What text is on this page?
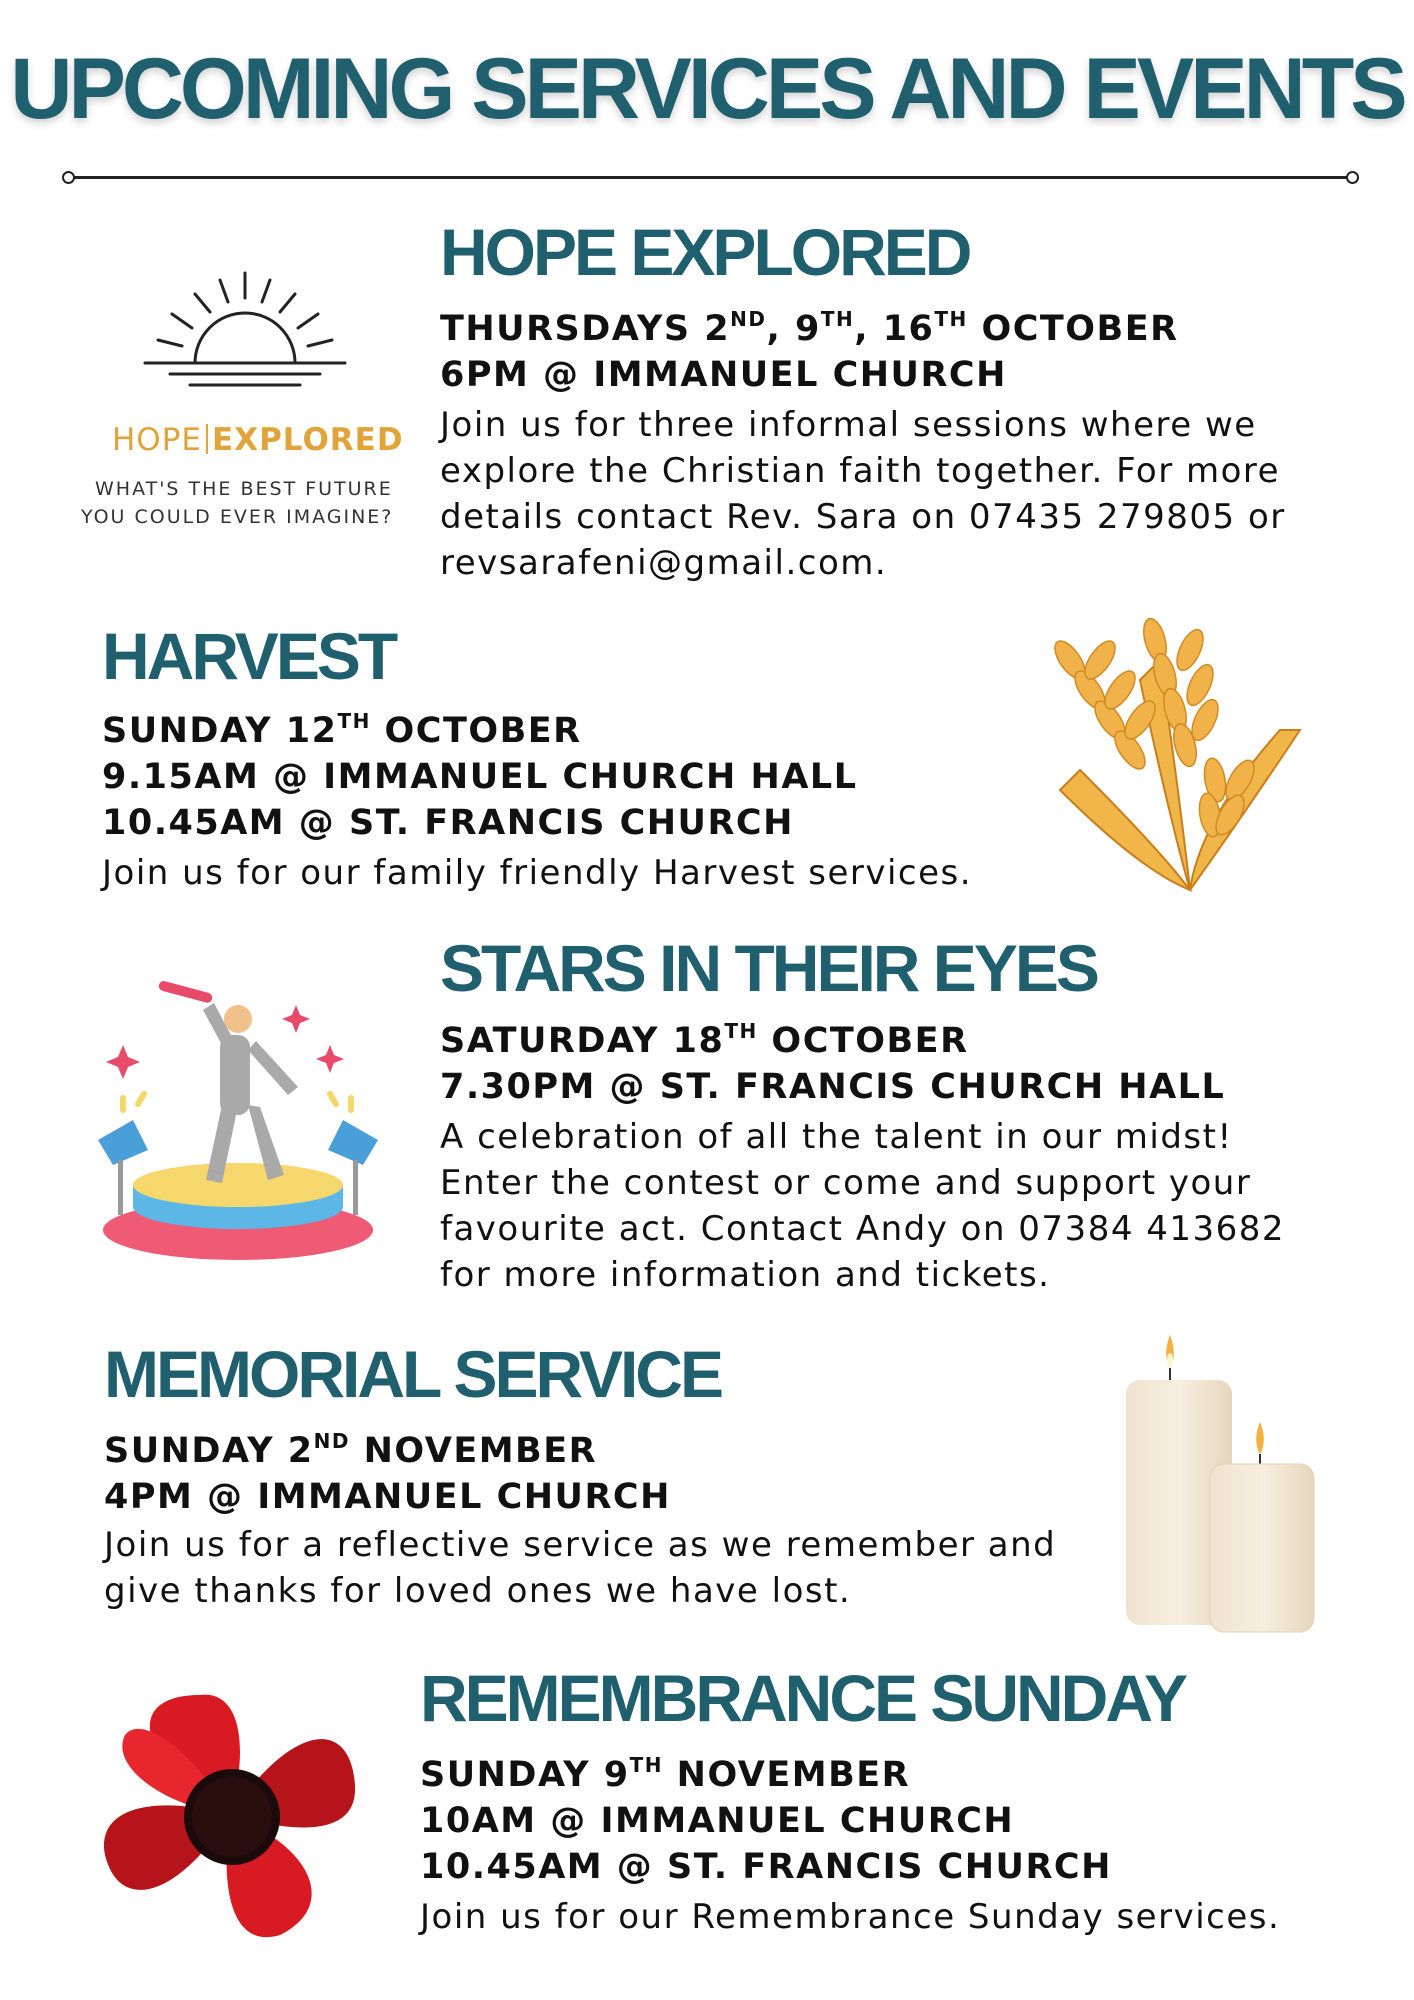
UPCOMING SERVICES AND EVENTS
HOPE EXPLORED
WHAT'S THE BEST FUTURE
YOU COULD EVER IMAGINE?
HOPE EXPLORED
THURSDAYS 2ND, 9TH, 16TH OCTOBER
6PM @ IMMANUEL CHURCH
Join us for three informal sessions where we explore the Christian faith together. For more details contact Rev. Sara on 07435 279805 or revsarafeni@gmail.com.
HARVEST
SUNDAY 12TH OCTOBER
9.15AM @ IMMANUEL CHURCH HALL
10.45AM @ ST. FRANCIS CHURCH
Join us for our family friendly Harvest services.
STARS IN THEIR EYES
SATURDAY 18TH OCTOBER
7.30PM @ ST. FRANCIS CHURCH HALL
A celebration of all the talent in our midst! Enter the contest or come and support your favourite act. Contact Andy on 07384 413682 for more information and tickets.
MEMORIAL SERVICE
SUNDAY 2ND NOVEMBER
4PM @ IMMANUEL CHURCH
Join us for a reflective service as we remember and give thanks for loved ones we have lost.
REMEMBRANCE SUNDAY
SUNDAY 9TH NOVEMBER
10AM @ IMMANUEL CHURCH
10.45AM @ ST. FRANCIS CHURCH
Join us for our Remembrance Sunday services.
